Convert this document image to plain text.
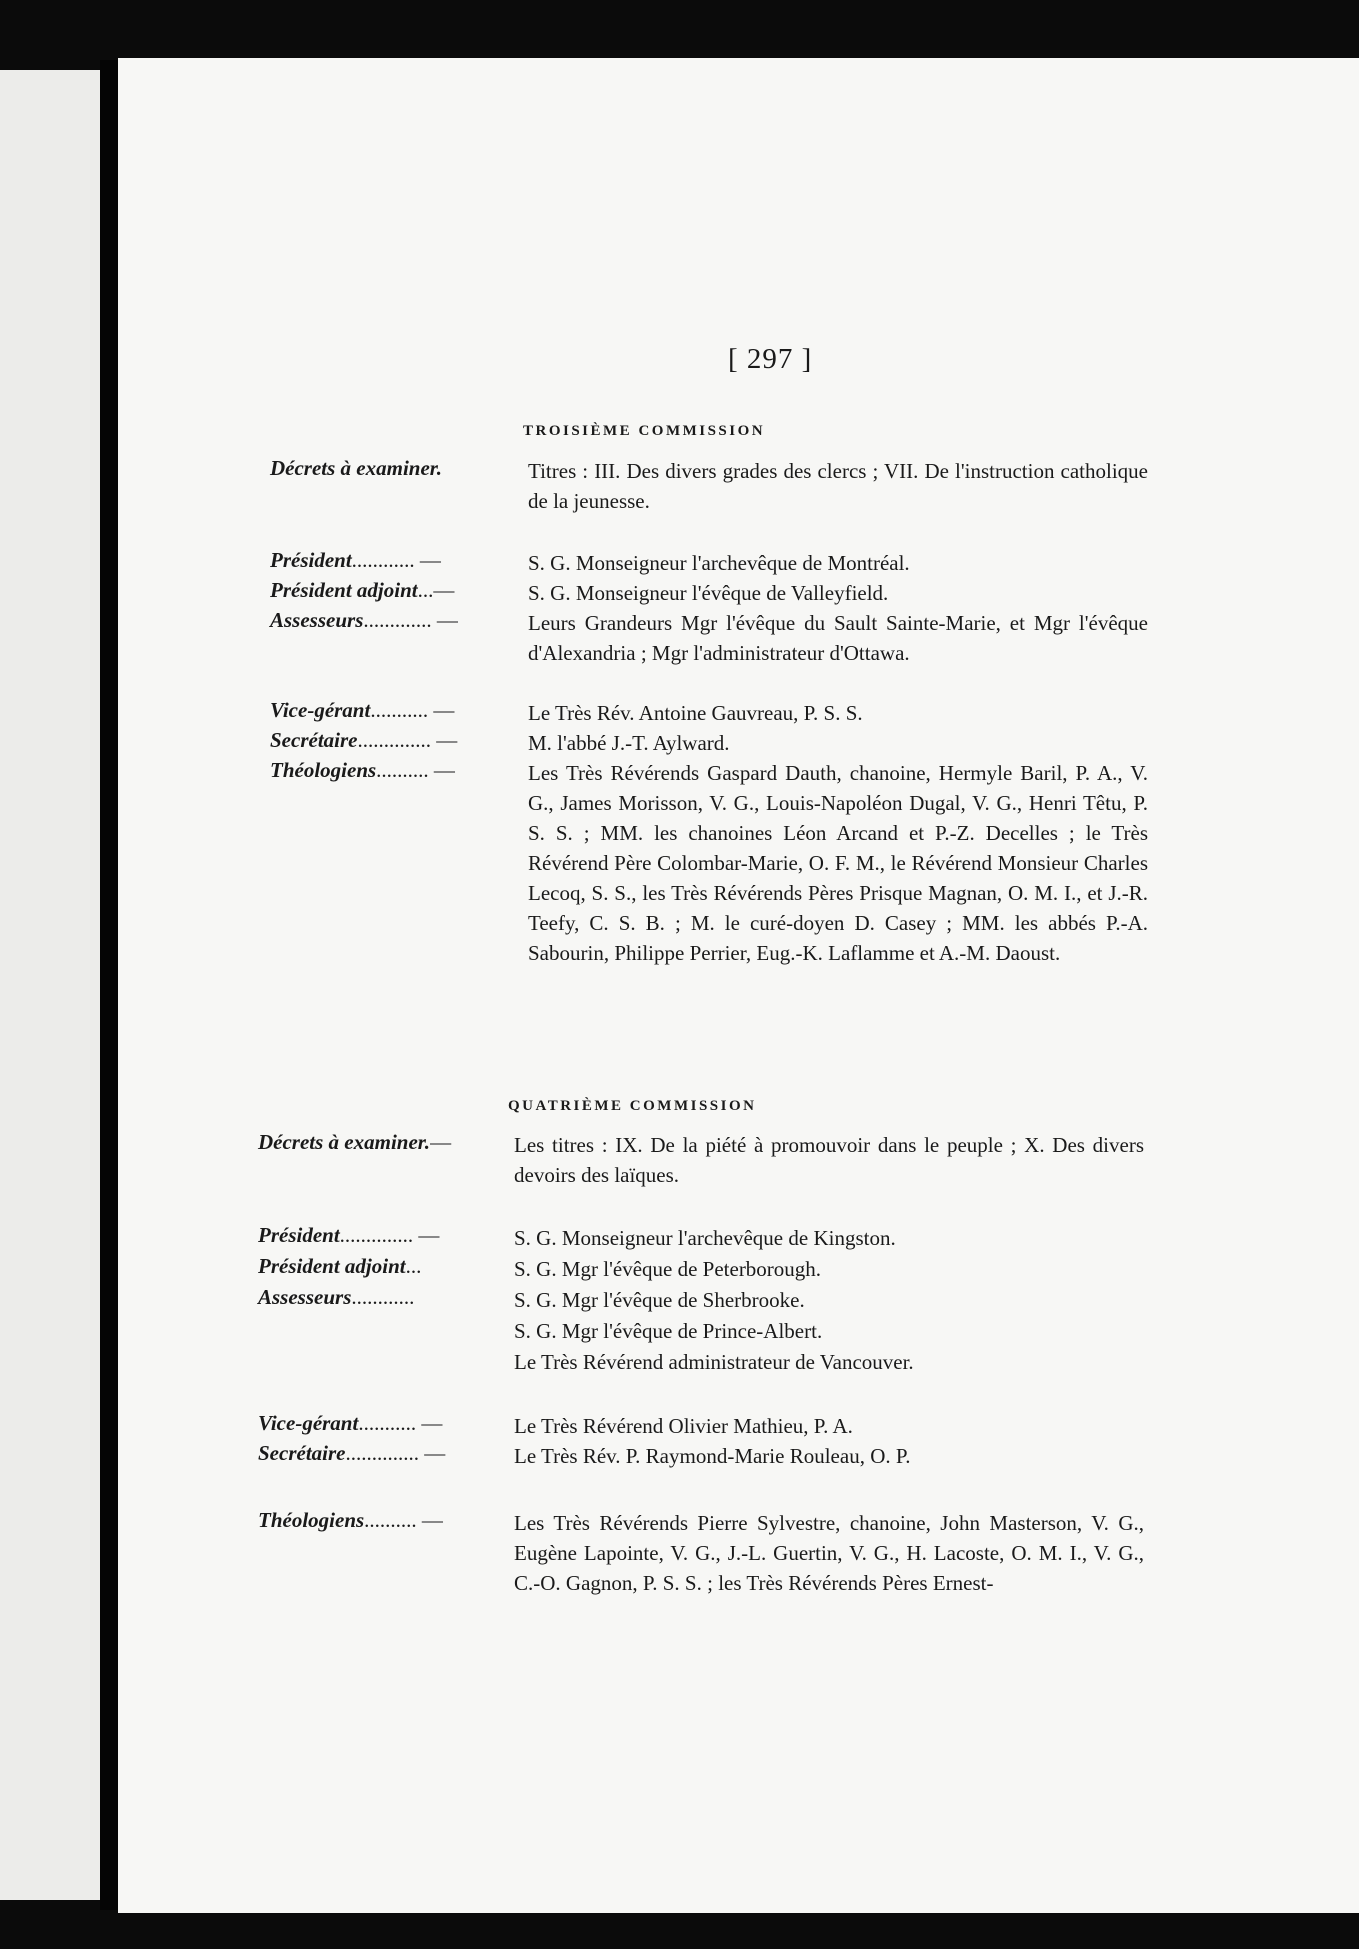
[ 297 ]
TROISIÈME COMMISSION
Décrets à examiner.	Titres : III. Des divers grades des clercs ; VII. De l'instruction catholique de la jeunesse.
Président............ —	S. G. Monseigneur l'archevêque de Montréal.
Président adjoint...—	S. G. Monseigneur l'évêque de Valleyfield.
Assesseurs............. —	Leurs Grandeurs Mgr l'évêque du Sault Sainte-Marie, et Mgr l'évêque d'Alexandria ; Mgr l'administrateur d'Ottawa.
Vice-gérant........... —	Le Très Rév. Antoine Gauvreau, P. S. S.
Secrétaire.............. —	M. l'abbé J.-T. Aylward.
Théologiens.......... —	Les Très Révérends Gaspard Dauth, chanoine, Hermyle Baril, P. A., V. G., James Morisson, V. G., Louis-Napoléon Dugal, V. G., Henri Têtu, P. S. S. ; MM. les chanoines Léon Arcand et P.-Z. Decelles ; le Très Révérend Père Colombar-Marie, O. F. M., le Révérend Monsieur Charles Lecoq, S. S., les Très Révérends Pères Prisque Magnan, O. M. I., et J.-R. Teefy, C. S. B. ; M. le curé-doyen D. Casey ; MM. les abbés P.-A. Sabourin, Philippe Perrier, Eug.-K. Laflamme et A.-M. Daoust.
QUATRIÈME COMMISSION
Décrets à examiner.—	Les titres : IX. De la piété à promouvoir dans le peuple ; X. Des divers devoirs des laïques.
Président.............. —	S. G. Monseigneur l'archevêque de Kingston.
Président adjoint...	S. G. Mgr l'évêque de Peterborough.
Assesseurs............	S. G. Mgr l'évêque de Sherbrooke.
S. G. Mgr l'évêque de Prince-Albert.
Le Très Révérend administrateur de Vancouver.
Vice-gérant........... —	Le Très Révérend Olivier Mathieu, P. A.
Secrétaire.............. —	Le Très Rév. P. Raymond-Marie Rouleau, O. P.
Théologiens.......... —	Les Très Révérends Pierre Sylvestre, chanoine, John Masterson, V. G., Eugène Lapointe, V. G., J.-L. Guertin, V. G., H. Lacoste, O. M. I., V. G., C.-O. Gagnon, P. S. S. ; les Très Révérends Pères Ernest-
